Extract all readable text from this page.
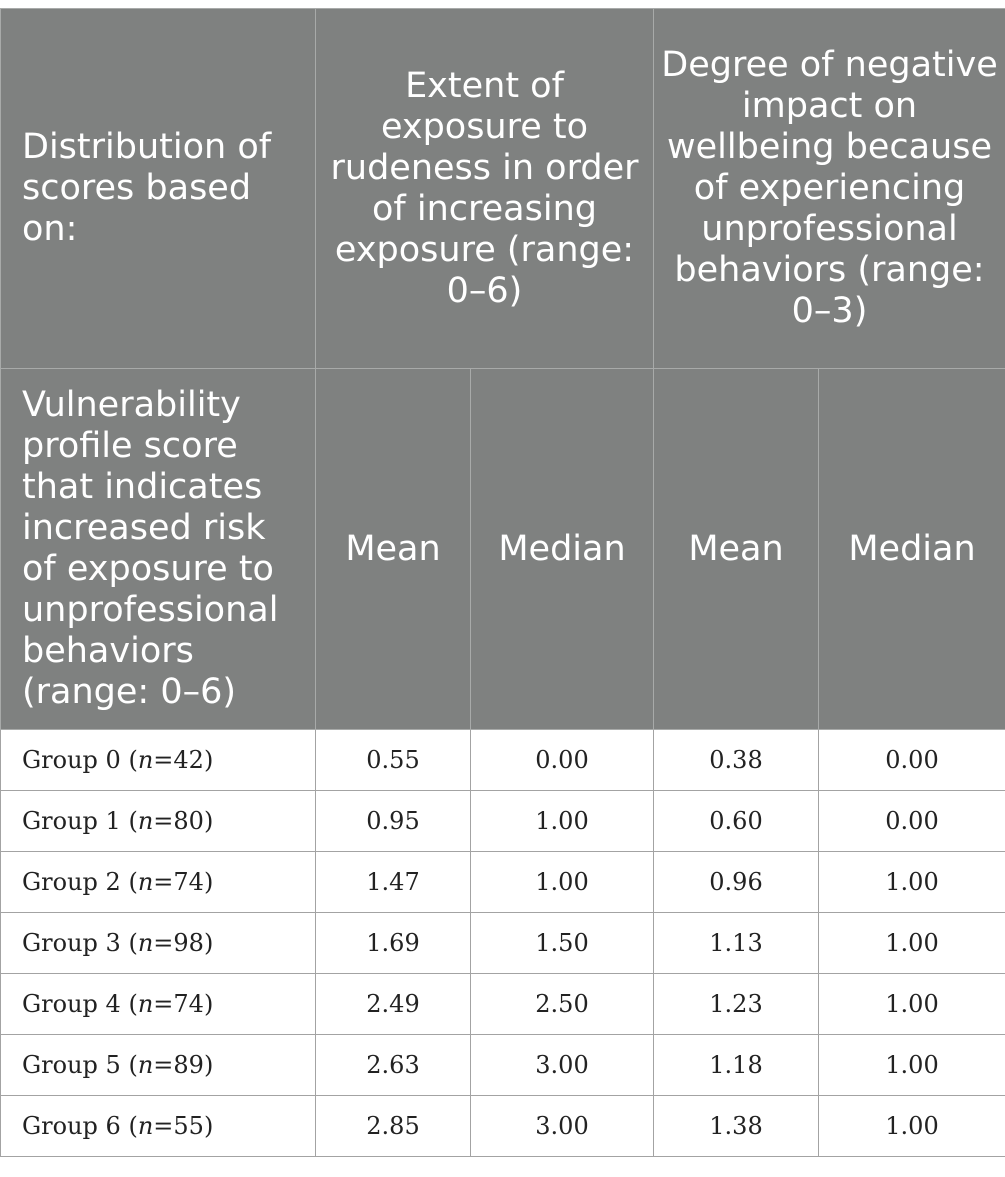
Distribution of scores based on:	Extent of exposure to rudeness in order of increasing exposure (range: 0–6)		Degree of negative impact on wellbeing because of experiencing unprofessional behaviors (range: 0–3)	
Vulnerability profile score that indicates increased risk of exposure to unprofessional behaviors (range: 0–6)	Mean	Median	Mean	Median
Group 0 (n=42)	0.55	0.00	0.38	0.00
Group 1 (n=80)	0.95	1.00	0.60	0.00
Group 2 (n=74)	1.47	1.00	0.96	1.00
Group 3 (n=98)	1.69	1.50	1.13	1.00
Group 4 (n=74)	2.49	2.50	1.23	1.00
Group 5 (n=89)	2.63	3.00	1.18	1.00
Group 6 (n=55)	2.85	3.00	1.38	1.00
